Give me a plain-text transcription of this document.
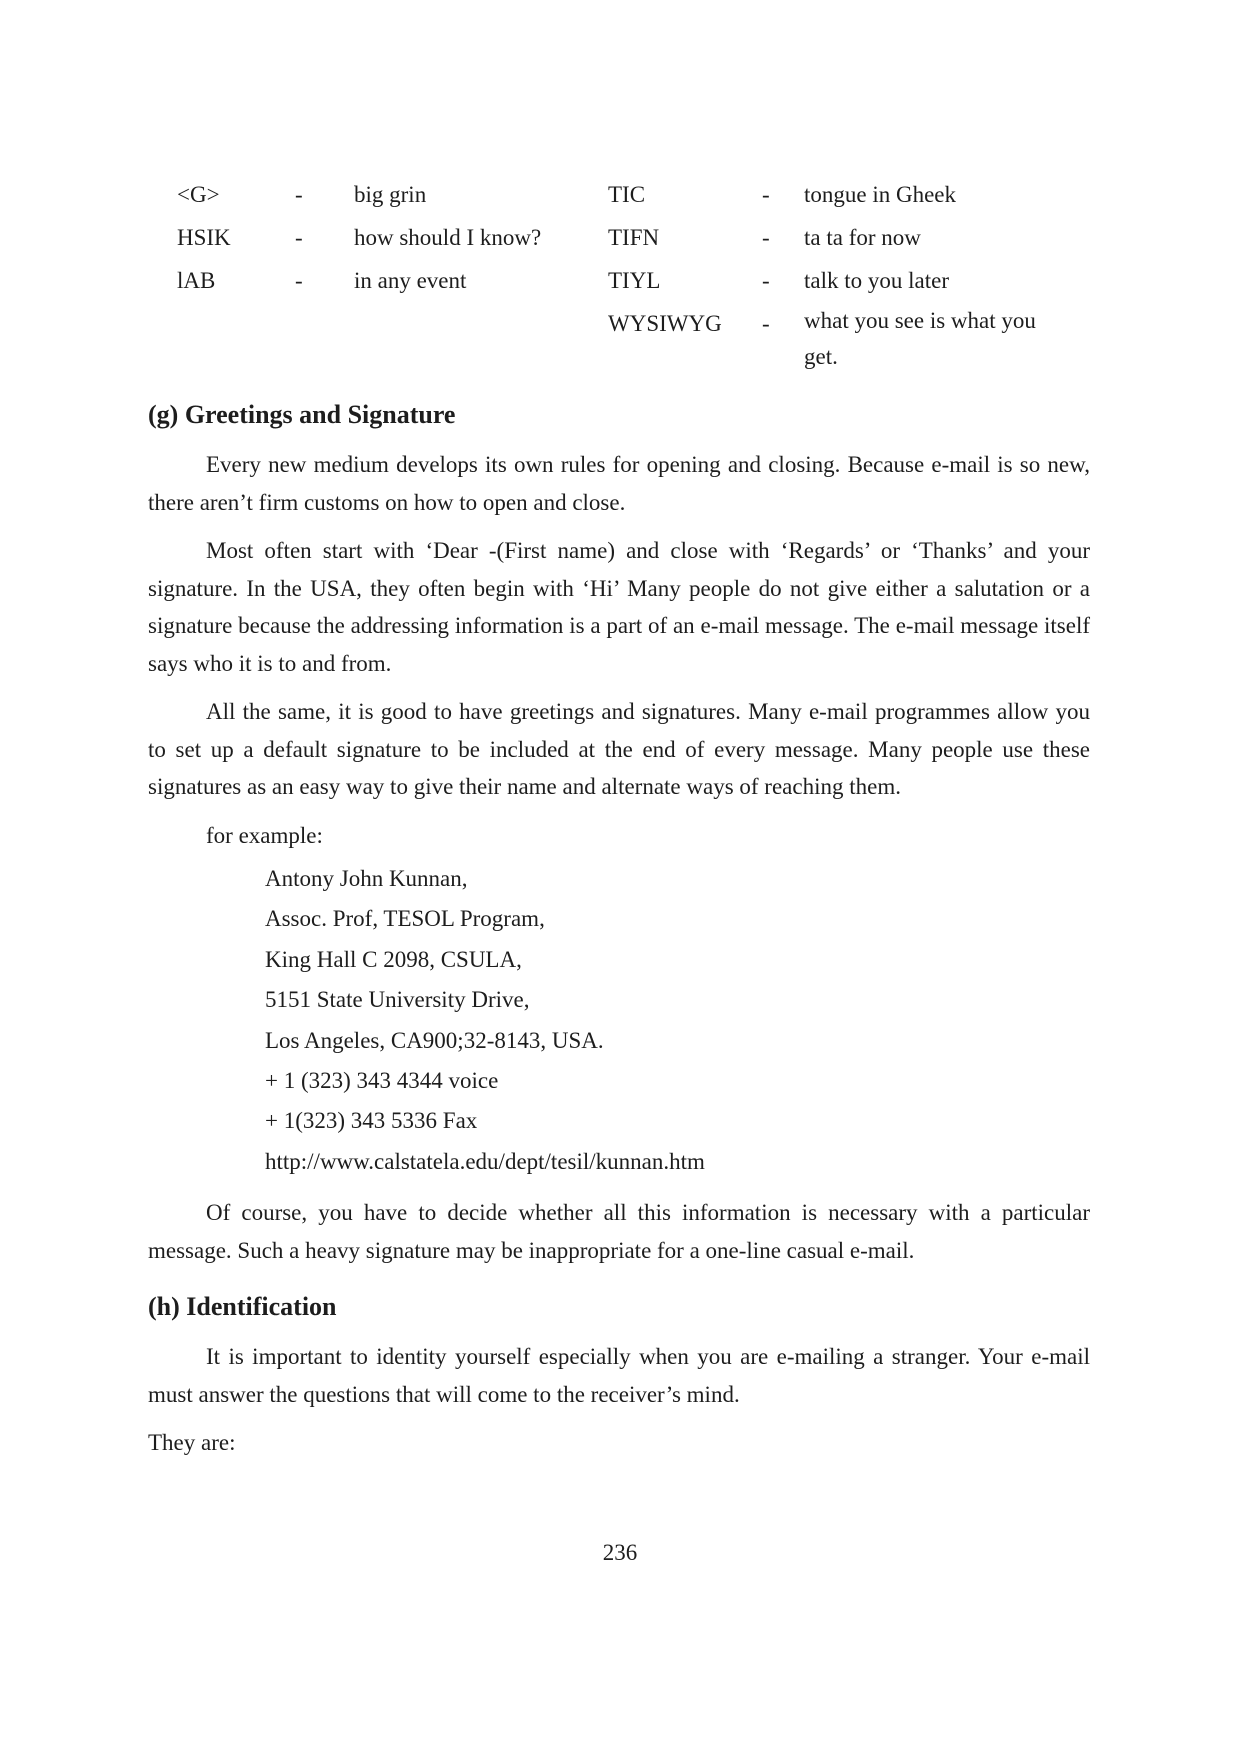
<G>	- big grin	TIC	- tongue in Gheek
HSIK	- how should I know?	TIFN	- ta ta for now
lAB	- in any event	TIYL	- talk to you later
WYSIWYG - what you see is what you get.
(g) Greetings and Signature

Every new medium develops its own rules for opening and closing. Because e-mail is so new, there aren’t firm customs on how to open and close.

Most often start with ‘Dear -(First name) and close with ‘Regards’ or ‘Thanks’ and your signature. In the USA, they often begin with ‘Hi’ Many people do not give either a salutation or a signature because the addressing information is a part of an e-mail message. The e-mail message itself says who it is to and from.

All the same, it is good to have greetings and signatures. Many e-mail programmes allow you to set up a default signature to be included at the end of every message. Many people use these signatures as an easy way to give their name and alternate ways of reaching them.

for example:
Antony John Kunnan,
Assoc. Prof, TESOL Program,
King Hall C 2098, CSULA,
5151 State University Drive,
Los Angeles, CA900;32-8143, USA.
+ 1 (323) 343 4344 voice
+ 1(323) 343 5336 Fax
http://www.calstatela.edu/dept/tesil/kunnan.htm

Of course, you have to decide whether all this information is necessary with a particular message. Such a heavy signature may be inappropriate for a one-line casual e-mail.

(h) Identification

It is important to identity yourself especially when you are e-mailing a stranger. Your e-mail must answer the questions that will come to the receiver’s mind.

They are:

236
